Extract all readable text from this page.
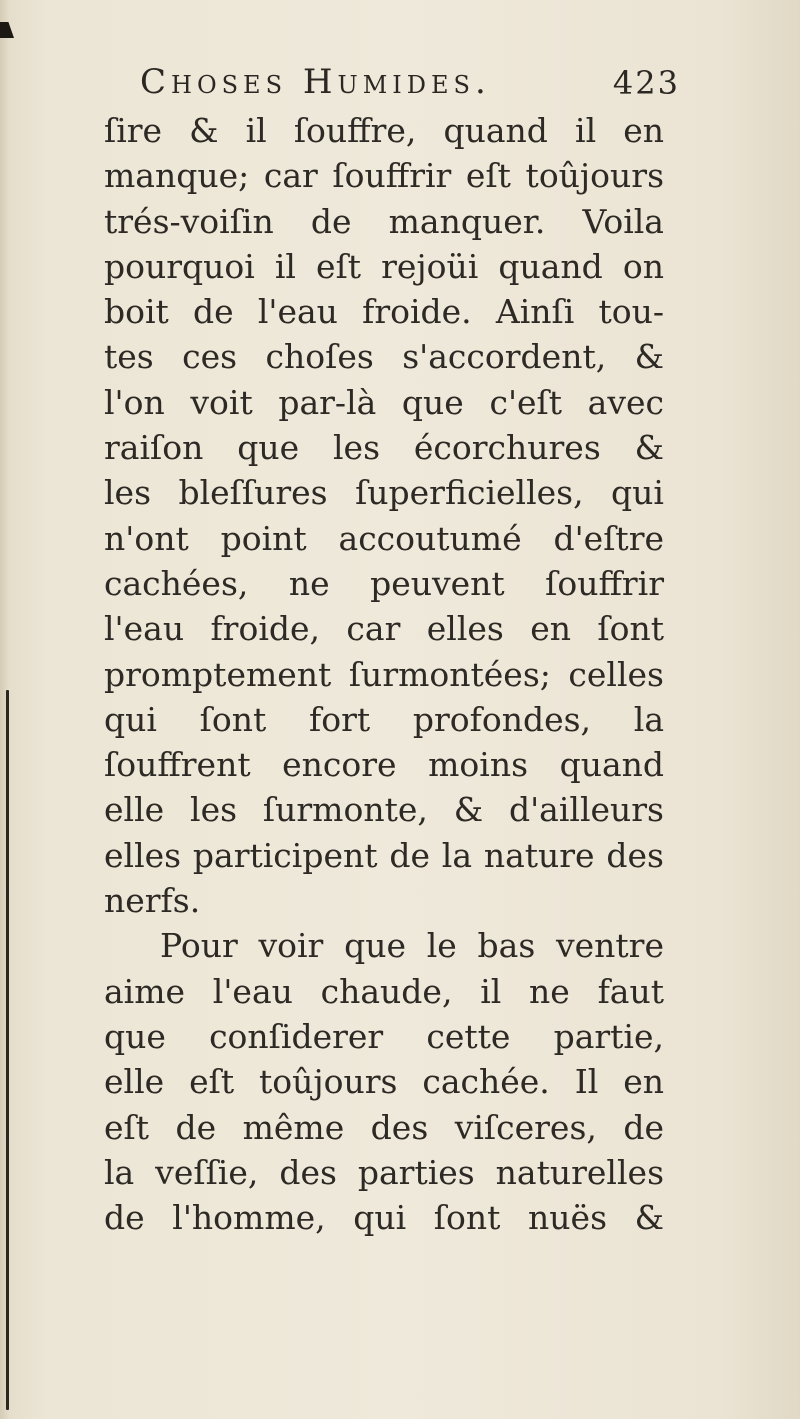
Choses Humides.	423
ſire & il ſouffre, quand il en
manque; car ſouffrir eſt toûjours
trés-voiſin de manquer. Voila
pourquoi il eſt rejoüi quand on
boit de l'eau froide. Ainſi tou-
tes ces choſes s'accordent, &
l'on voit par-là que c'eſt avec
raiſon que les écorchures &
les bleſſures ſuperficielles, qui
n'ont point accoutumé d'eſtre
cachées, ne peuvent ſouffrir
l'eau froide, car elles en ſont
promptement ſurmontées; celles
qui ſont fort profondes, la
ſouffrent encore moins quand
elle les ſurmonte, & d'ailleurs
elles participent de la nature des
nerfs.
Pour voir que le bas ventre
aime l'eau chaude, il ne faut
que conſiderer cette partie,
elle eſt toûjours cachée. Il en
eſt de même des viſceres, de
la veſſie, des parties naturelles
de l'homme, qui ſont nuës &
